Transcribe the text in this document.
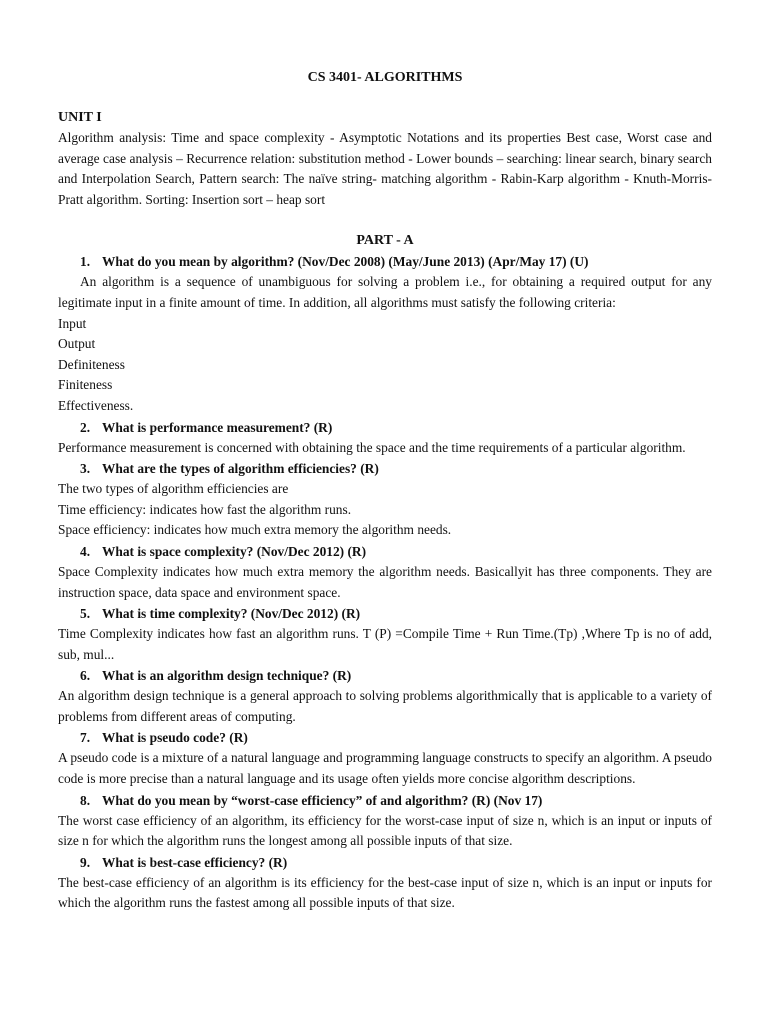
CS 3401- ALGORITHMS
UNIT I

Algorithm analysis: Time and space complexity - Asymptotic Notations and its properties Best case, Worst case and average case analysis – Recurrence relation: substitution method - Lower bounds – searching: linear search, binary search and Interpolation Search, Pattern search: The naïve string- matching algorithm - Rabin-Karp algorithm - Knuth-Morris-Pratt algorithm. Sorting: Insertion sort – heap sort

PART - A
1. What do you mean by algorithm? (Nov/Dec 2008) (May/June 2013) (Apr/May 17) (U)

An algorithm is a sequence of unambiguous for solving a problem i.e., for obtaining a required output for any legitimate input in a finite amount of time. In addition, all algorithms must satisfy the following criteria:

Input
Output
Definiteness
Finiteness
Effectiveness.
2. What is performance measurement? (R)

Performance measurement is concerned with obtaining the space and the time requirements of a particular algorithm.

3. What are the types of algorithm efficiencies? (R)
The two types of algorithm efficiencies are
Time efficiency: indicates how fast the algorithm runs.
Space efficiency: indicates how much extra memory the algorithm needs.
4. What is space complexity? (Nov/Dec 2012) (R)

Space Complexity indicates how much extra memory the algorithm needs. Basicallyit has three components. They are instruction space, data space and environment space.

5. What is time complexity? (Nov/Dec 2012) (R)

Time Complexity indicates how fast an algorithm runs. T (P) =Compile Time + Run Time.(Tp) ,Where Tp is no of add, sub, mul...

6. What is an algorithm design technique? (R)

An algorithm design technique is a general approach to solving problems algorithmically that is applicable to a variety of problems from different areas of computing.

7. What is pseudo code? (R)

A pseudo code is a mixture of a natural language and programming language constructs to specify an algorithm. A pseudo code is more precise than a natural language and its usage often yields more concise algorithm descriptions.

8. What do you mean by “worst-case efficiency” of and algorithm? (R) (Nov 17)

The worst case efficiency of an algorithm, its efficiency for the worst-case input of size n, which is an input or inputs of size n for which the algorithm runs the longest among all possible inputs of that size.

9. What is best-case efficiency? (R)

The best-case efficiency of an algorithm is its efficiency for the best-case input of size n, which is an input or inputs for which the algorithm runs the fastest among all possible inputs of that size.
